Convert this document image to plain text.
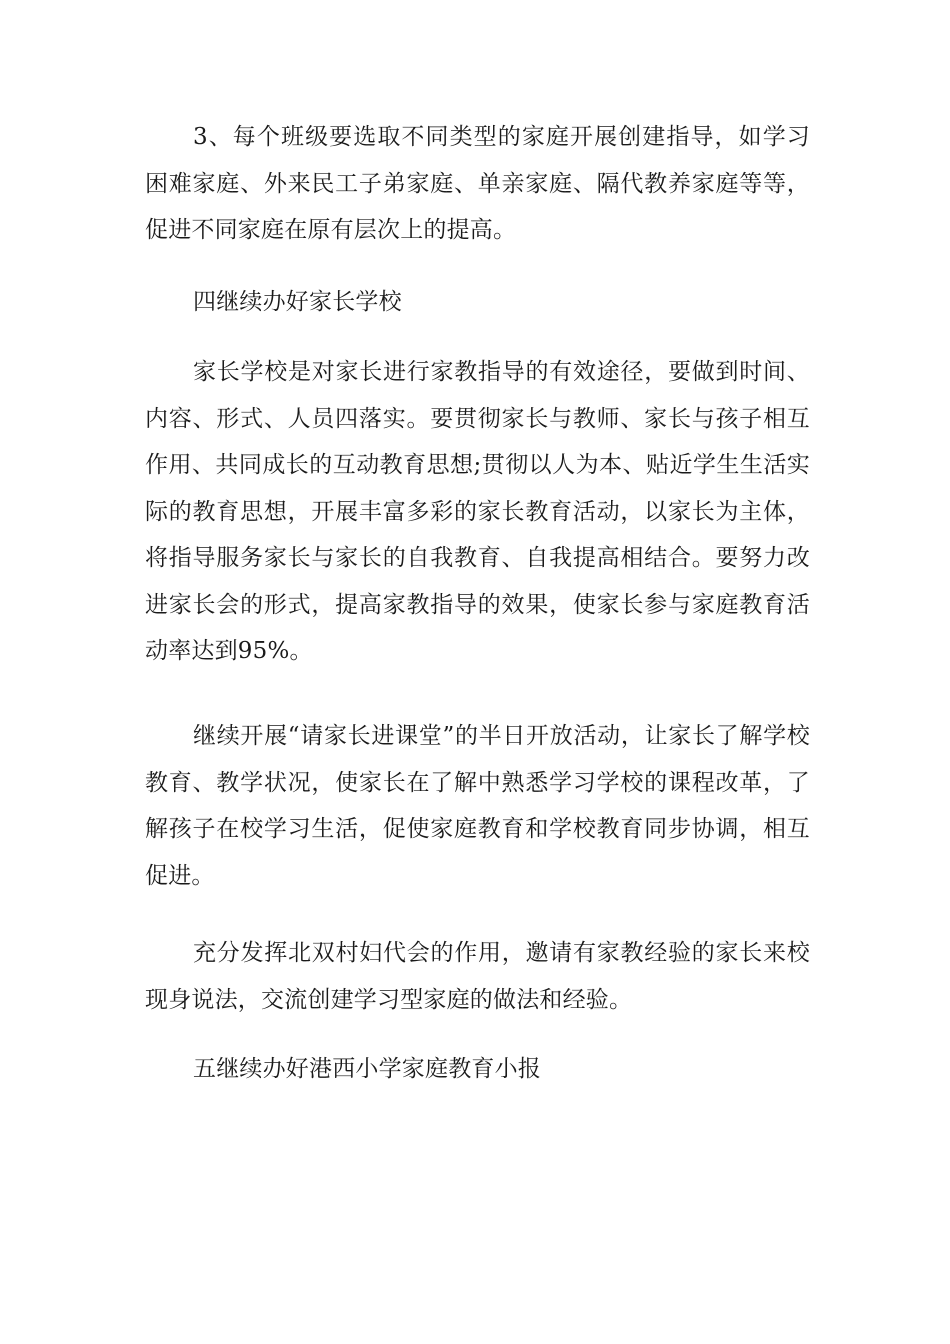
3、每个班级要选取不同类型的家庭开展创建指导，如学习困难家庭、外来民工子弟家庭、单亲家庭、隔代教养家庭等等，促进不同家庭在原有层次上的提高。

四继续办好家长学校

家长学校是对家长进行家教指导的有效途径，要做到时间、内容、形式、人员四落实。要贯彻家长与教师、家长与孩子相互作用、共同成长的互动教育思想;贯彻以人为本、贴近学生生活实际的教育思想，开展丰富多彩的家长教育活动，以家长为主体，将指导服务家长与家长的自我教育、自我提高相结合。要努力改进家长会的形式，提高家教指导的效果，使家长参与家庭教育活动率达到95%。

继续开展“请家长进课堂”的半日开放活动，让家长了解学校教育、教学状况，使家长在了解中熟悉学习学校的课程改革，了解孩子在校学习生活，促使家庭教育和学校教育同步协调，相互促进。

充分发挥北双村妇代会的作用，邀请有家教经验的家长来校现身说法，交流创建学习型家庭的做法和经验。

五继续办好港西小学家庭教育小报
